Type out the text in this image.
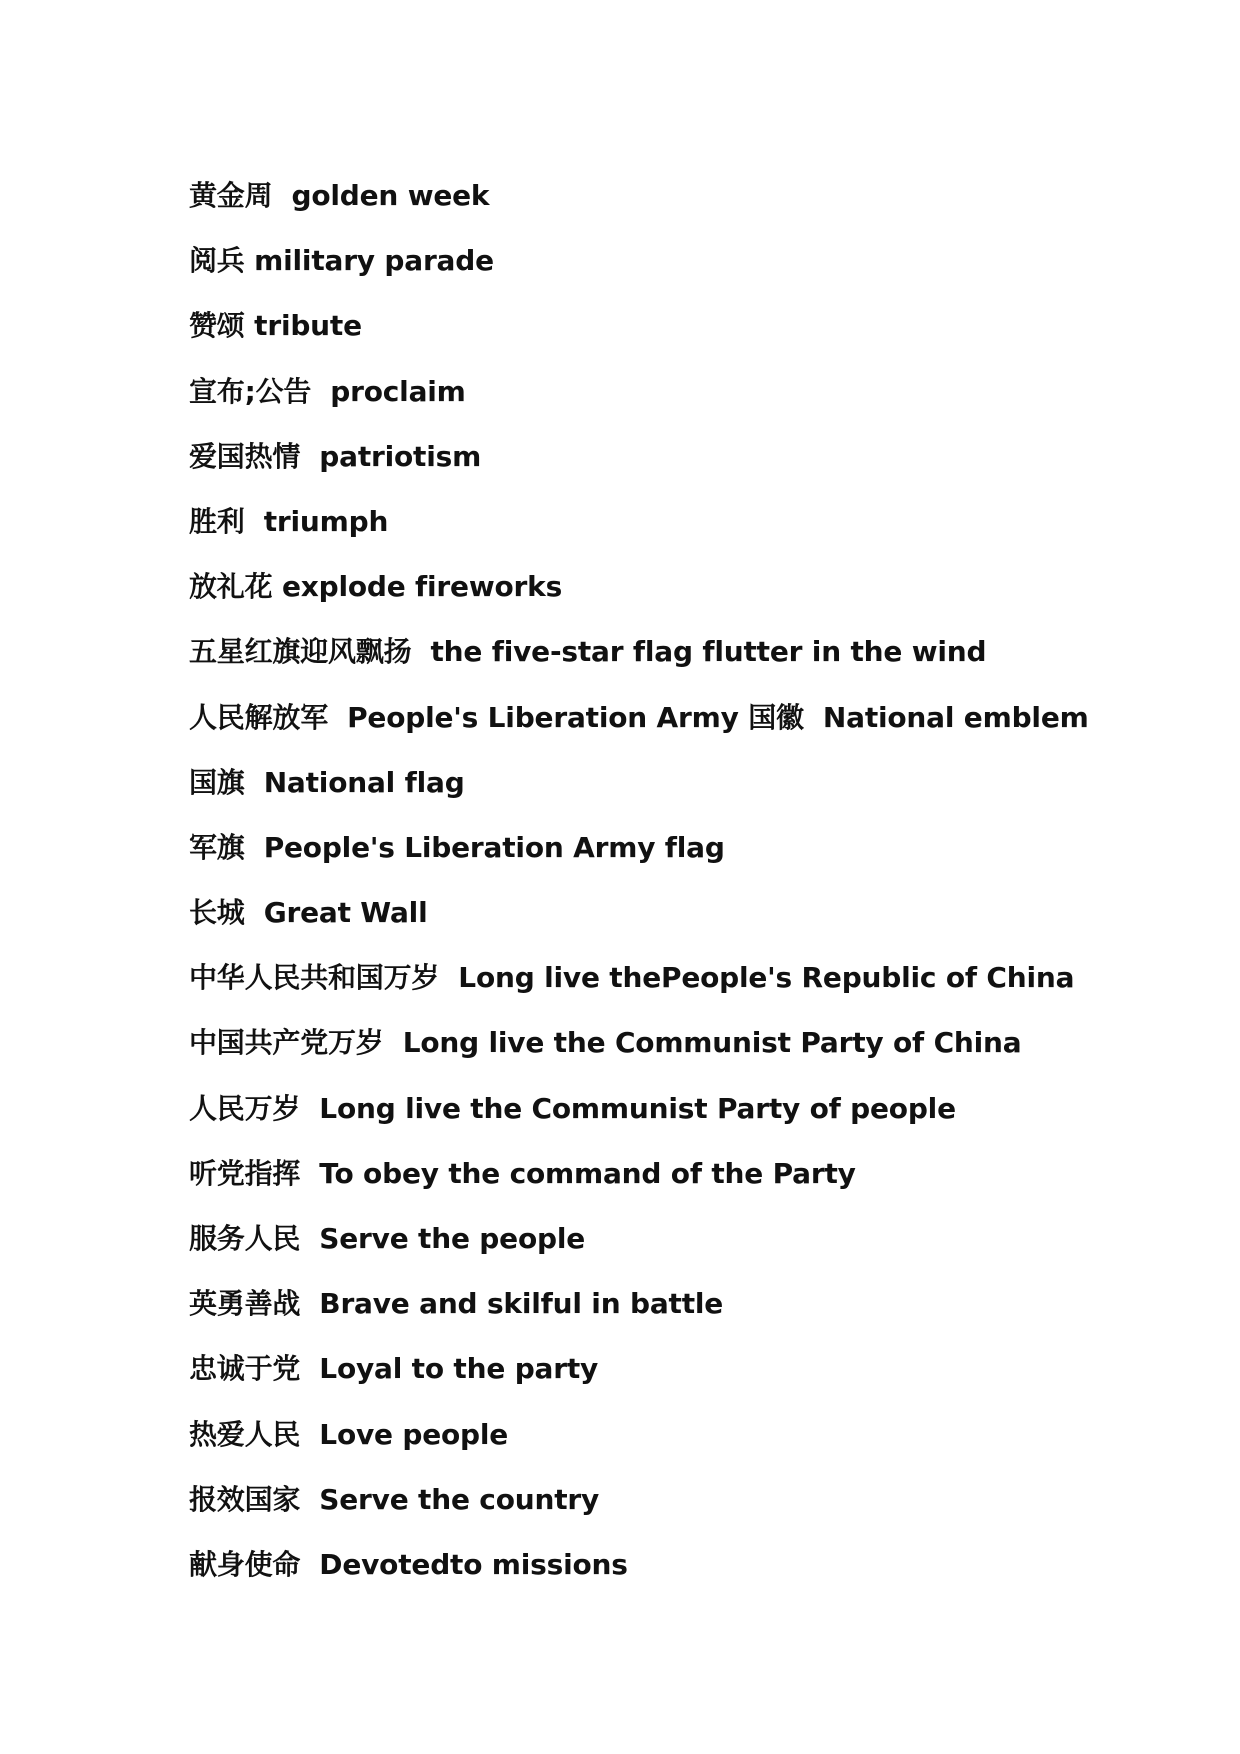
黄金周  golden week
阅兵 military parade
赞颂 tribute
宣布;公告  proclaim
爱国热情  patriotism
胜利  triumph
放礼花 explode fireworks
五星红旗迎风飘扬  the five-star flag flutter in the wind
人民解放军  People's Liberation Army 国徽  National emblem
国旗  National flag
军旗  People's Liberation Army flag
长城  Great Wall
中华人民共和国万岁  Long live thePeople's Republic of China
中国共产党万岁  Long live the Communist Party of China
人民万岁  Long live the Communist Party of people
听党指挥  To obey the command of the Party
服务人民  Serve the people
英勇善战  Brave and skilful in battle
忠诚于党  Loyal to the party
热爱人民  Love people
报效国家  Serve the country
献身使命  Devotedto missions
